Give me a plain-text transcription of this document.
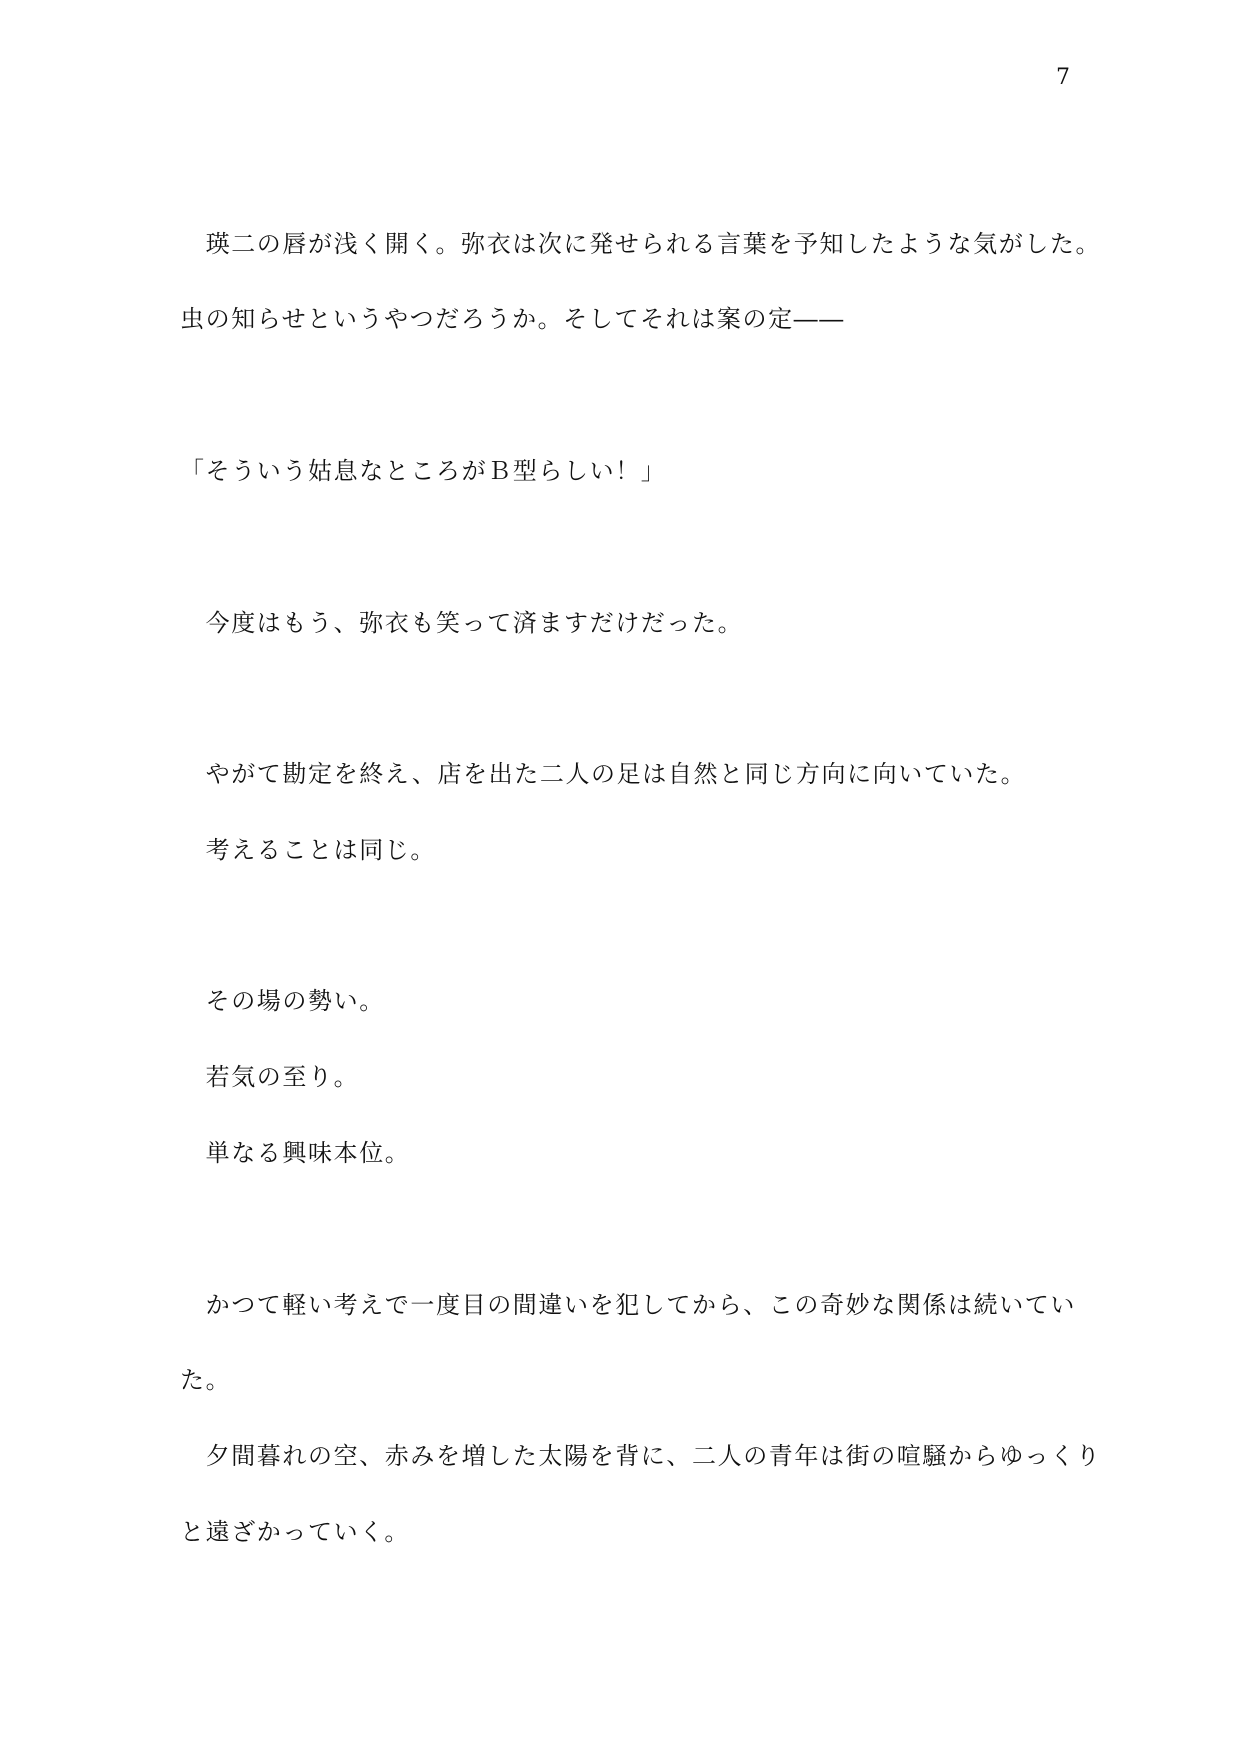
7
　瑛二の唇が浅く開く。弥衣は次に発せられる言葉を予知したような気がした。
虫の知らせというやつだろうか。そしてそれは案の定――
「そういう姑息なところがＢ型らしい！」
　今度はもう、弥衣も笑って済ますだけだった。
　やがて勘定を終え、店を出た二人の足は自然と同じ方向に向いていた。
　考えることは同じ。
　その場の勢い。
　若気の至り。
　単なる興味本位。
　かつて軽い考えで一度目の間違いを犯してから、この奇妙な関係は続いてい
た。
　夕間暮れの空、赤みを増した太陽を背に、二人の青年は街の喧騒からゆっくり
と遠ざかっていく。
